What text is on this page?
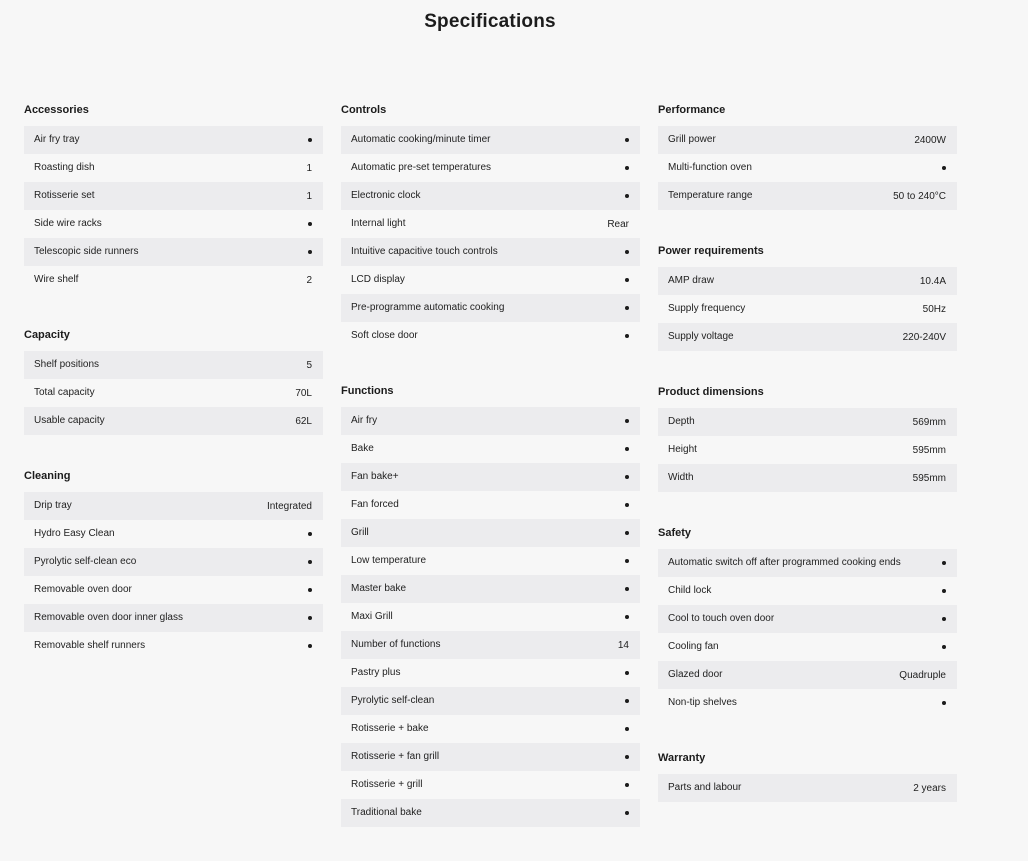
Specifications
Accessories
Air fry tray
Roasting dish	1
Rotisserie set	1
Side wire racks
Telescopic side runners
Wire shelf	2
Capacity
Shelf positions	5
Total capacity	70L
Usable capacity	62L
Cleaning
Drip tray	Integrated
Hydro Easy Clean
Pyrolytic self-clean eco
Removable oven door
Removable oven door inner glass
Removable shelf runners
Controls
Automatic cooking/minute timer
Automatic pre-set temperatures
Electronic clock
Internal light	Rear
Intuitive capacitive touch controls
LCD display
Pre-programme automatic cooking
Soft close door
Functions
Air fry
Bake
Fan bake+
Fan forced
Grill
Low temperature
Master bake
Maxi Grill
Number of functions	14
Pastry plus
Pyrolytic self-clean
Rotisserie + bake
Rotisserie + fan grill
Rotisserie + grill
Traditional bake
Performance
Grill power	2400W
Multi-function oven
Temperature range	50 to 240°C
Power requirements
AMP draw	10.4A
Supply frequency	50Hz
Supply voltage	220-240V
Product dimensions
Depth	569mm
Height	595mm
Width	595mm
Safety
Automatic switch off after programmed cooking ends
Child lock
Cool to touch oven door
Cooling fan
Glazed door	Quadruple
Non-tip shelves
Warranty
Parts and labour	2 years
